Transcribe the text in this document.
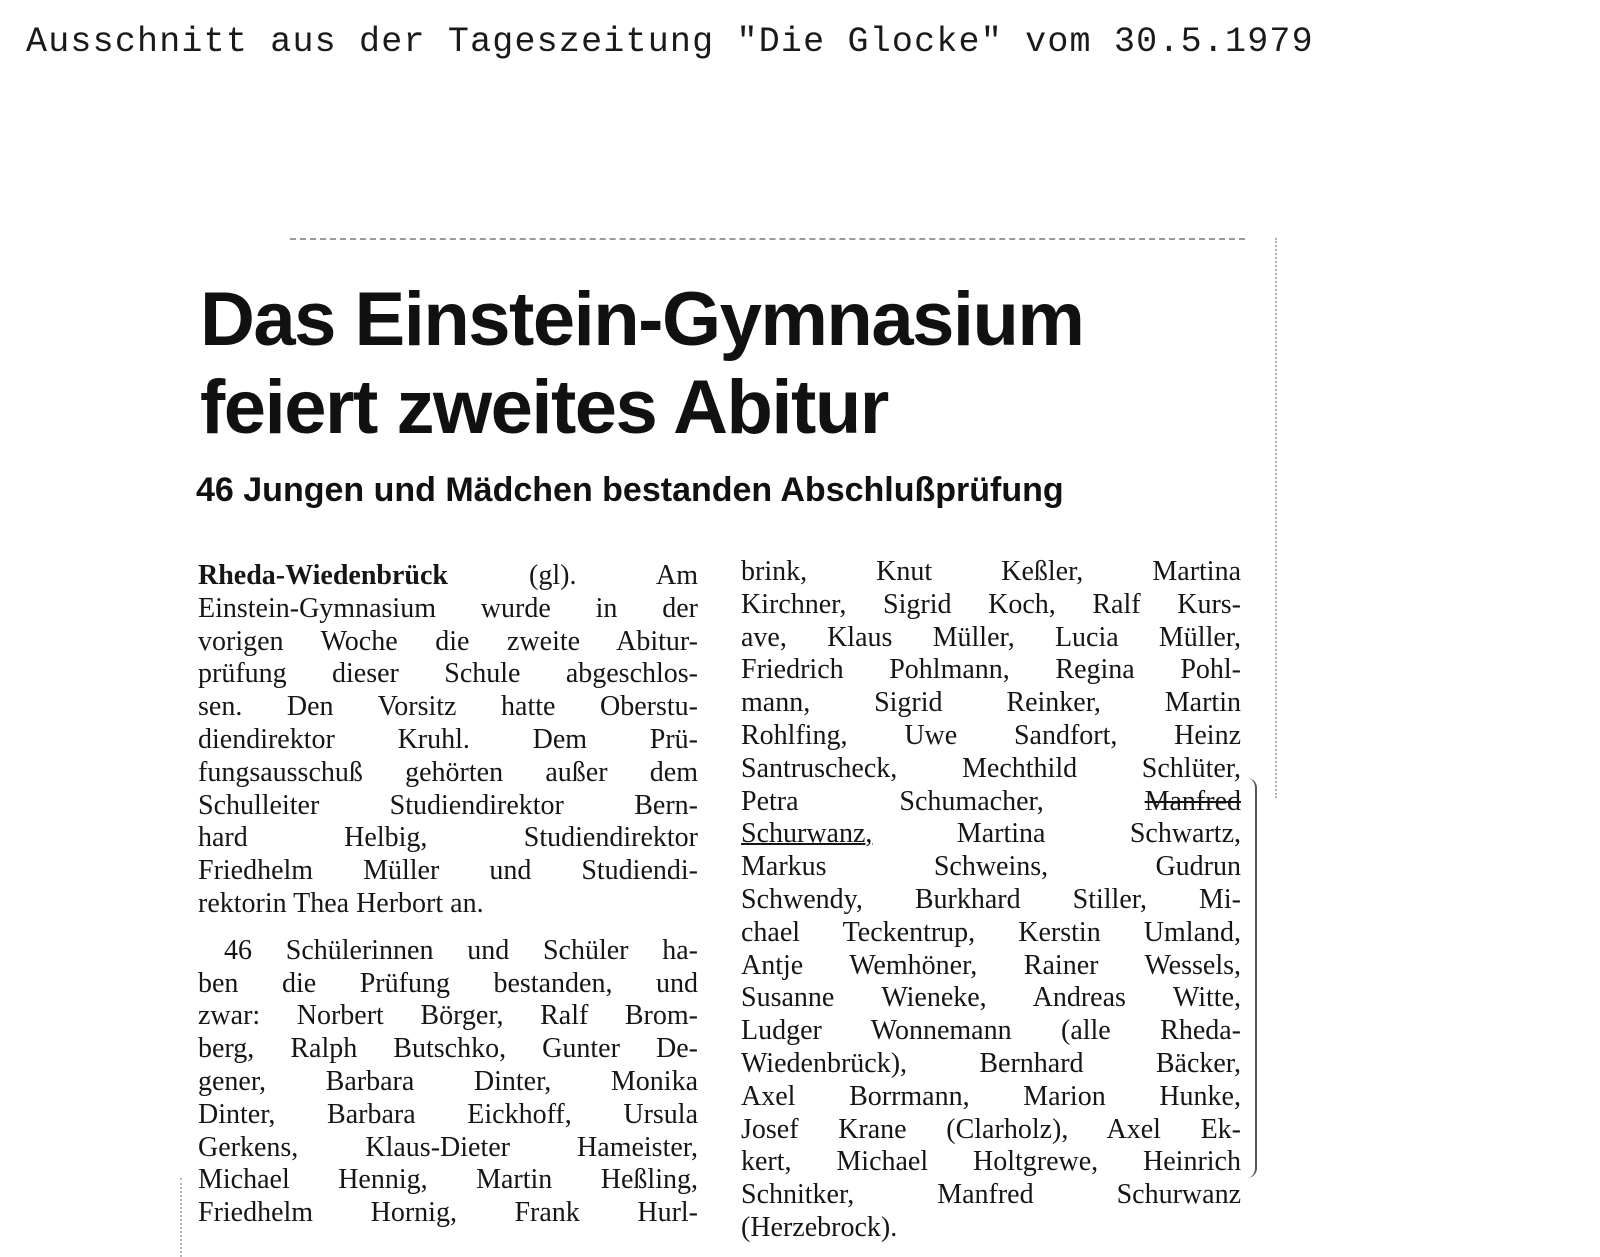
Ausschnitt aus der Tageszeitung "Die Glocke" vom 30.5.1979
Das Einstein-Gymnasium
feiert zweites Abitur
46 Jungen und Mädchen bestanden Abschlußprüfung
Rheda-Wiedenbrück	(gl). Am
Einstein-Gymnasium wurde in der
vorigen Woche die zweite Abitur-
prüfung dieser Schule abgeschlos-
sen. Den Vorsitz hatte Oberstu-
diendirektor Kruhl. Dem Prü-
fungsausschuß gehörten außer dem
Schulleiter Studiendirektor Bern-
hard Helbig, Studiendirektor
Friedhelm Müller und Studiendi-
rektorin Thea Herbort an.
46 Schülerinnen und Schüler ha-
ben die Prüfung bestanden, und
zwar: Norbert Börger, Ralf Brom-
berg, Ralph Butschko, Gunter De-
gener, Barbara Dinter, Monika
Dinter, Barbara Eickhoff, Ursula
Gerkens, Klaus-Dieter Hameister,
Michael Hennig, Martin Heßling,
Friedhelm Hornig, Frank Hurl-
brink, Knut Keßler, Martina
Kirchner, Sigrid Koch, Ralf Kurs-
ave, Klaus Müller, Lucia Müller,
Friedrich Pohlmann, Regina Pohl-
mann, Sigrid Reinker, Martin
Rohlfing, Uwe Sandfort, Heinz
Santruscheck, Mechthild Schlüter,
Petra Schumacher,	Manfred
Schurwanz,	Martina Schwartz,
Markus Schweins, Gudrun
Schwendy, Burkhard Stiller, Mi-
chael Teckentrup, Kerstin Umland,
Antje Wemhöner, Rainer Wessels,
Susanne Wieneke, Andreas Witte,
Ludger Wonnemann (alle Rheda-
Wiedenbrück), Bernhard Bäcker,
Axel Borrmann, Marion Hunke,
Josef Krane (Clarholz), Axel Ek-
kert, Michael Holtgrewe, Heinrich
Schnitker, Manfred Schurwanz
(Herzebrock).
